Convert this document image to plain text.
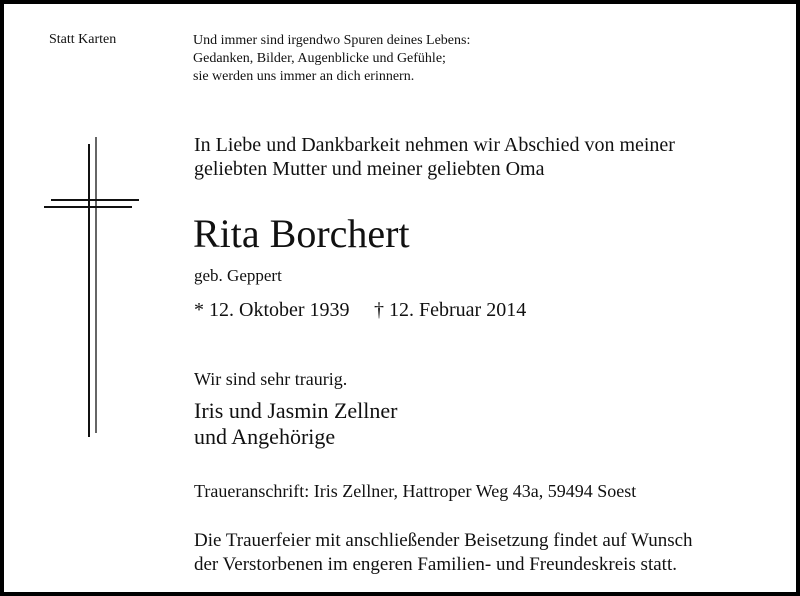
Statt Karten	Und immer sind irgendwo Spuren deines Lebens:
Gedanken, Bilder, Augenblicke und Gefühle;
sie werden uns immer an dich erinnern.
In Liebe und Dankbarkeit nehmen wir Abschied von meiner
geliebten Mutter und meiner geliebten Oma
Rita Borchert
geb. Geppert
* 12. Oktober 1939 † 12. Februar 2014
Wir sind sehr traurig.
Iris und Jasmin Zellner
und Angehörige
Traueranschrift: Iris Zellner, Hattroper Weg 43a, 59494 Soest
Die Trauerfeier mit anschließender Beisetzung findet auf Wunsch
der Verstorbenen im engeren Familien- und Freundeskreis statt.
